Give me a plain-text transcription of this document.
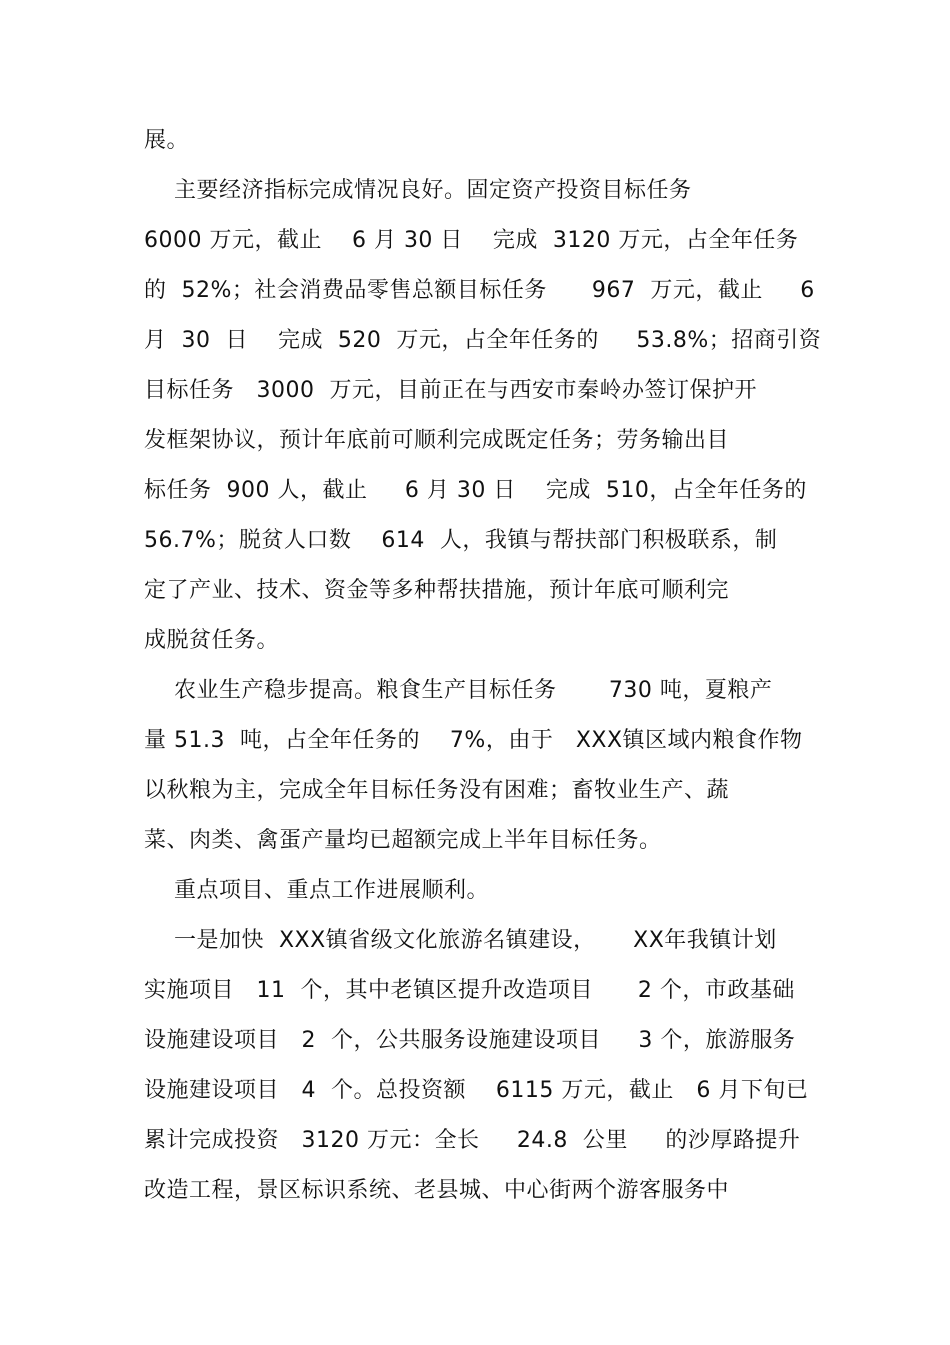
展。

主要经济指标完成情况良好。固定资产投资目标任务

6000 万元，截止    6 月 30 日    完成  3120 万元，占全年任务

的  52%；社会消费品零售总额目标任务      967  万元，截止     6

月  30  日    完成  520  万元，占全年任务的     53.8%；招商引资

目标任务   3000  万元，目前正在与西安市秦岭办签订保护开

发框架协议，预计年底前可顺利完成既定任务；劳务输出目

标任务  900 人，截止     6 月 30 日    完成  510，占全年任务的

56.7%；脱贫人口数    614  人，我镇与帮扶部门积极联系，制

定了产业、技术、资金等多种帮扶措施，预计年底可顺利完

成脱贫任务。

农业生产稳步提高。粮食生产目标任务       730 吨，夏粮产

量 51.3  吨，占全年任务的    7%，由于   XXX镇区域内粮食作物

以秋粮为主，完成全年目标任务没有困难；畜牧业生产、蔬

菜、肉类、禽蛋产量均已超额完成上半年目标任务。

重点项目、重点工作进展顺利。

一是加快  XXX镇省级文化旅游名镇建设，     XX年我镇计划

实施项目   11  个，其中老镇区提升改造项目      2 个，市政基础

设施建设项目   2  个，公共服务设施建设项目     3 个，旅游服务

设施建设项目   4  个。总投资额    6115 万元，截止   6 月下旬已

累计完成投资   3120 万元：全长     24.8  公里     的沙厚路提升

改造工程，景区标识系统、老县城、中心街两个游客服务中
